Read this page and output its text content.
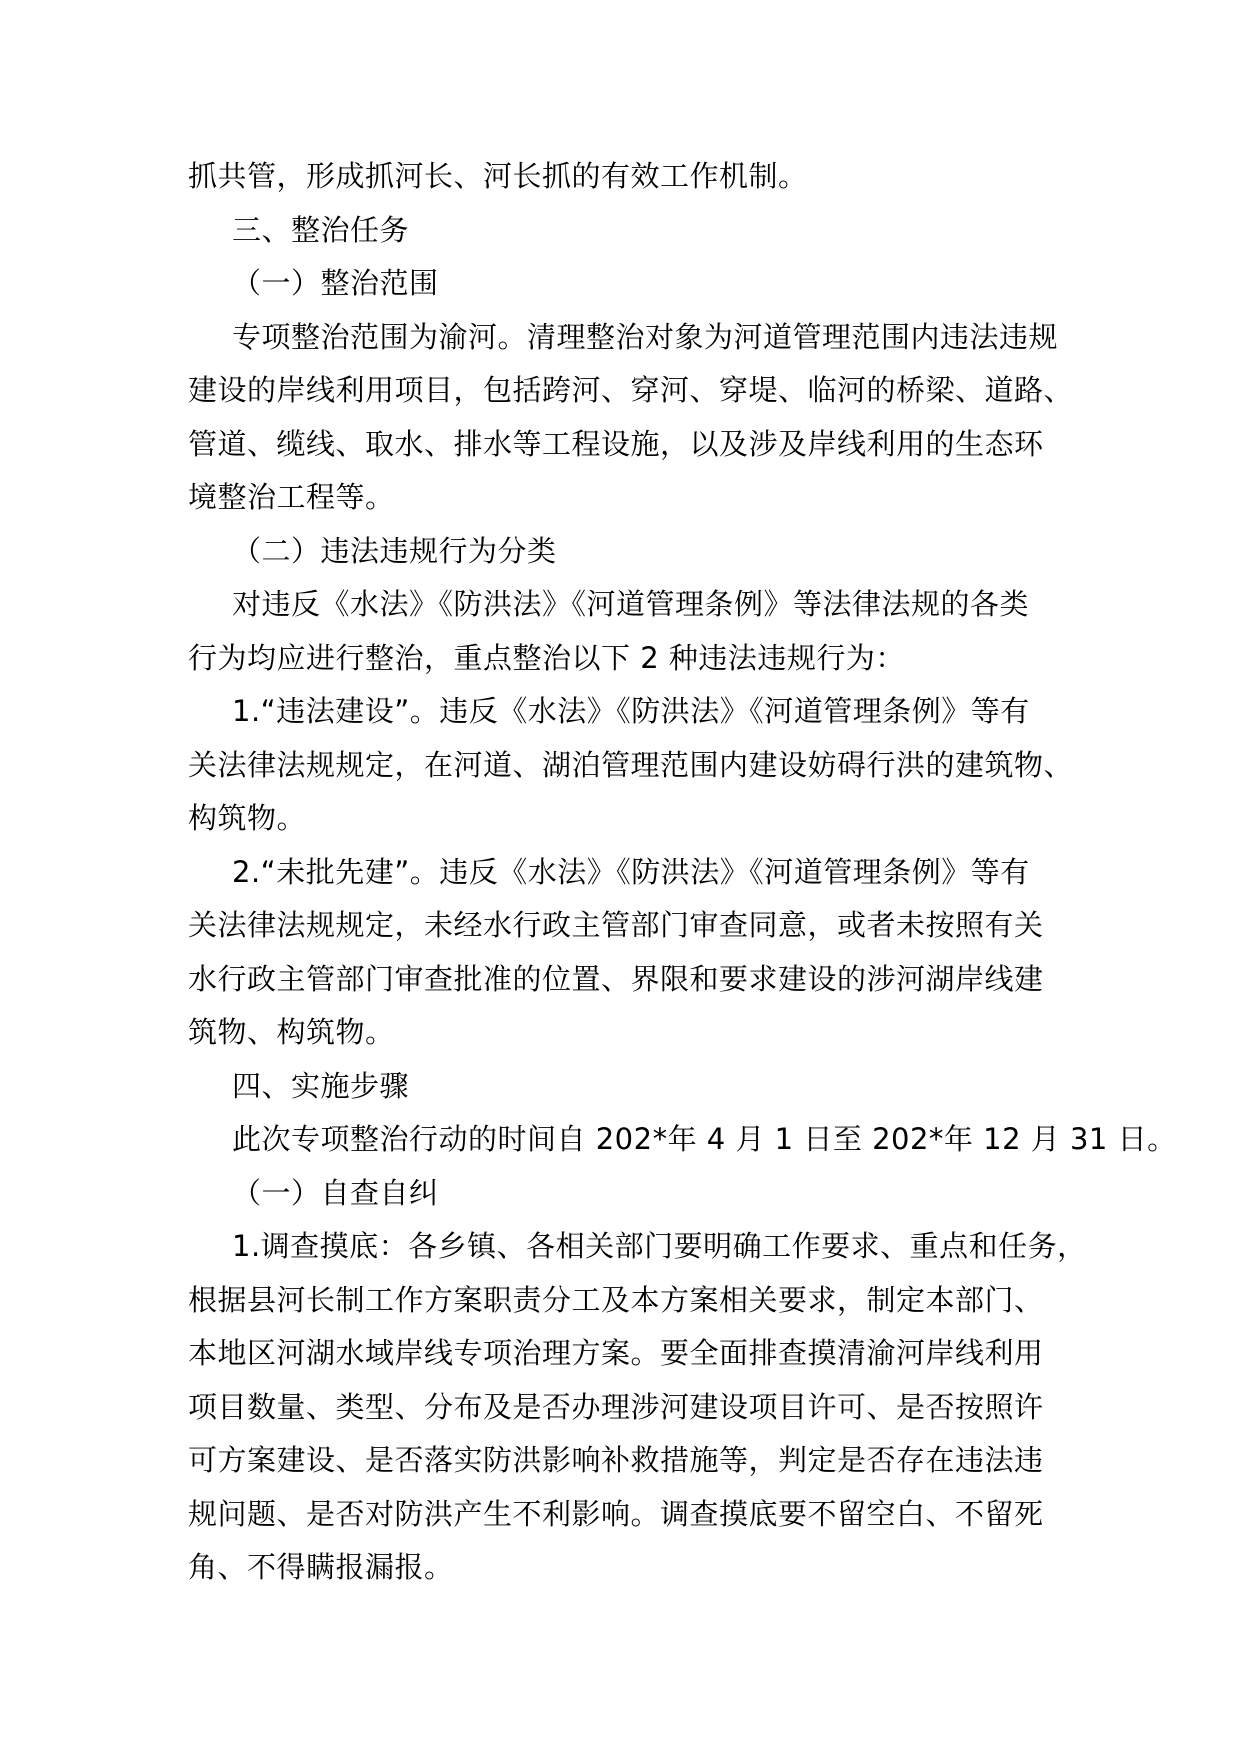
抓共管，形成抓河长、河长抓的有效工作机制。
三、整治任务
（一）整治范围
专项整治范围为渝河。清理整治对象为河道管理范围内违法违规
建设的岸线利用项目，包括跨河、穿河、穿堤、临河的桥梁、道路、
管道、缆线、取水、排水等工程设施，以及涉及岸线利用的生态环
境整治工程等。
（二）违法违规行为分类
对违反《水法》《防洪法》《河道管理条例》等法律法规的各类
行为均应进行整治，重点整治以下 2 种违法违规行为：
1.“违法建设”。违反《水法》《防洪法》《河道管理条例》等有
关法律法规规定，在河道、湖泊管理范围内建设妨碍行洪的建筑物、
构筑物。
2.“未批先建”。违反《水法》《防洪法》《河道管理条例》等有
关法律法规规定，未经水行政主管部门审查同意，或者未按照有关
水行政主管部门审查批准的位置、界限和要求建设的涉河湖岸线建
筑物、构筑物。
四、实施步骤
此次专项整治行动的时间自 202*年 4 月 1 日至 202*年 12 月 31 日。
（一）自查自纠
1.调查摸底：各乡镇、各相关部门要明确工作要求、重点和任务，
根据县河长制工作方案职责分工及本方案相关要求，制定本部门、
本地区河湖水域岸线专项治理方案。要全面排查摸清渝河岸线利用
项目数量、类型、分布及是否办理涉河建设项目许可、是否按照许
可方案建设、是否落实防洪影响补救措施等，判定是否存在违法违
规问题、是否对防洪产生不利影响。调查摸底要不留空白、不留死
角、不得瞒报漏报。
